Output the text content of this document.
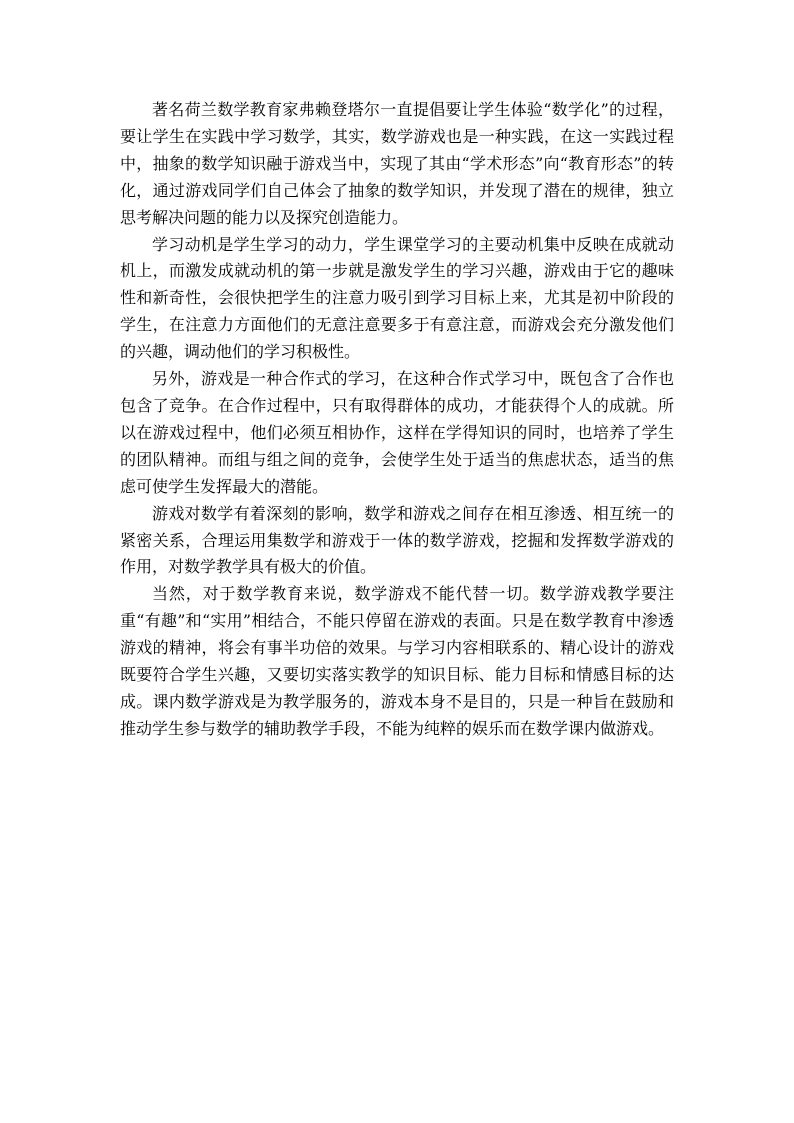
著名荷兰数学教育家弗赖登塔尔一直提倡要让学生体验“数学化”的过程，要让学生在实践中学习数学，其实，数学游戏也是一种实践，在这一实践过程中，抽象的数学知识融于游戏当中，实现了其由“学术形态”向“教育形态”的转化，通过游戏同学们自己体会了抽象的数学知识，并发现了潜在的规律，独立思考解决问题的能力以及探究创造能力。

学习动机是学生学习的动力，学生课堂学习的主要动机集中反映在成就动机上，而激发成就动机的第一步就是激发学生的学习兴趣，游戏由于它的趣味性和新奇性，会很快把学生的注意力吸引到学习目标上来，尤其是初中阶段的学生，在注意力方面他们的无意注意要多于有意注意，而游戏会充分激发他们的兴趣，调动他们的学习积极性。

另外，游戏是一种合作式的学习，在这种合作式学习中，既包含了合作也包含了竞争。在合作过程中，只有取得群体的成功，才能获得个人的成就。所以在游戏过程中，他们必须互相协作，这样在学得知识的同时，也培养了学生的团队精神。而组与组之间的竞争，会使学生处于适当的焦虑状态，适当的焦虑可使学生发挥最大的潜能。

游戏对数学有着深刻的影响，数学和游戏之间存在相互渗透、相互统一的紧密关系，合理运用集数学和游戏于一体的数学游戏，挖掘和发挥数学游戏的作用，对数学教学具有极大的价值。

当然，对于数学教育来说，数学游戏不能代替一切。数学游戏教学要注重“有趣”和“实用”相结合，不能只停留在游戏的表面。只是在数学教育中渗透游戏的精神，将会有事半功倍的效果。与学习内容相联系的、精心设计的游戏既要符合学生兴趣，又要切实落实教学的知识目标、能力目标和情感目标的达成。课内数学游戏是为教学服务的，游戏本身不是目的，只是一种旨在鼓励和推动学生参与数学的辅助教学手段，不能为纯粹的娱乐而在数学课内做游戏。
